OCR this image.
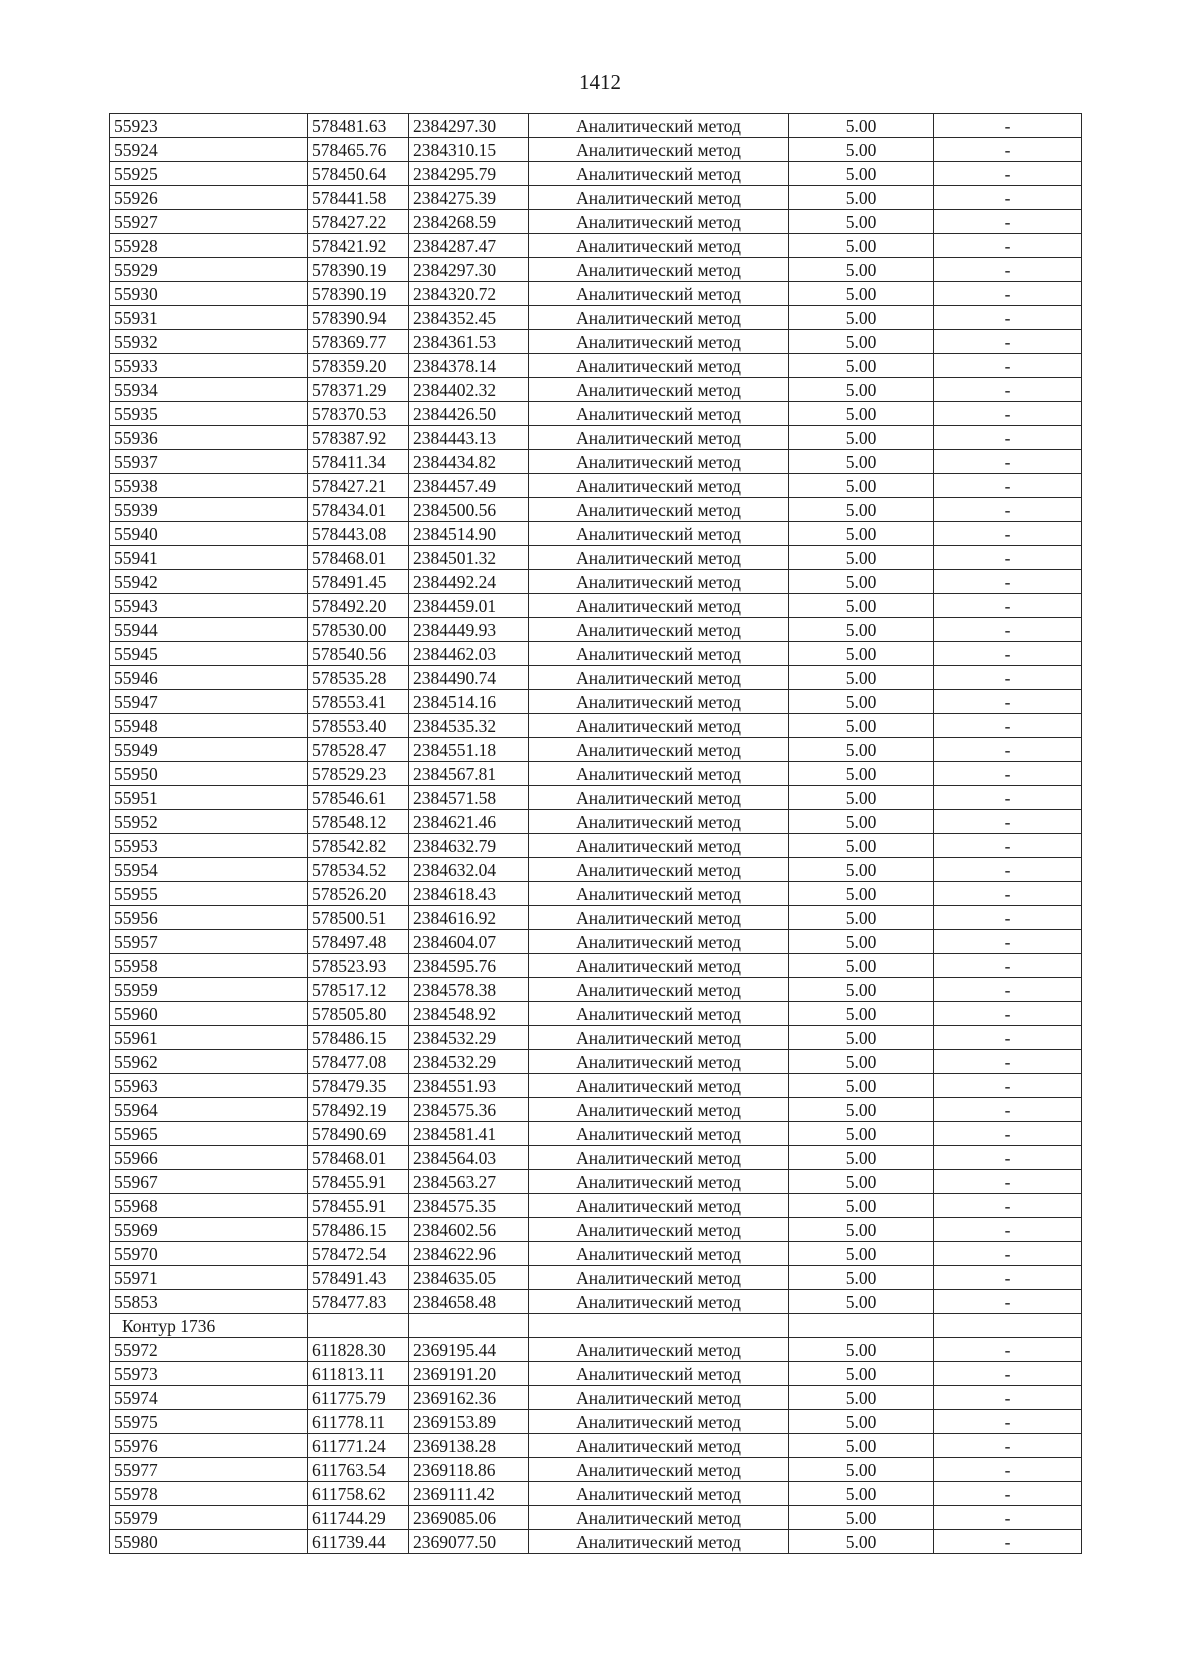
1412
55923	578481.63	2384297.30	Аналитический метод	5.00	-
55924	578465.76	2384310.15	Аналитический метод	5.00	-
55925	578450.64	2384295.79	Аналитический метод	5.00	-
55926	578441.58	2384275.39	Аналитический метод	5.00	-
55927	578427.22	2384268.59	Аналитический метод	5.00	-
55928	578421.92	2384287.47	Аналитический метод	5.00	-
55929	578390.19	2384297.30	Аналитический метод	5.00	-
55930	578390.19	2384320.72	Аналитический метод	5.00	-
55931	578390.94	2384352.45	Аналитический метод	5.00	-
55932	578369.77	2384361.53	Аналитический метод	5.00	-
55933	578359.20	2384378.14	Аналитический метод	5.00	-
55934	578371.29	2384402.32	Аналитический метод	5.00	-
55935	578370.53	2384426.50	Аналитический метод	5.00	-
55936	578387.92	2384443.13	Аналитический метод	5.00	-
55937	578411.34	2384434.82	Аналитический метод	5.00	-
55938	578427.21	2384457.49	Аналитический метод	5.00	-
55939	578434.01	2384500.56	Аналитический метод	5.00	-
55940	578443.08	2384514.90	Аналитический метод	5.00	-
55941	578468.01	2384501.32	Аналитический метод	5.00	-
55942	578491.45	2384492.24	Аналитический метод	5.00	-
55943	578492.20	2384459.01	Аналитический метод	5.00	-
55944	578530.00	2384449.93	Аналитический метод	5.00	-
55945	578540.56	2384462.03	Аналитический метод	5.00	-
55946	578535.28	2384490.74	Аналитический метод	5.00	-
55947	578553.41	2384514.16	Аналитический метод	5.00	-
55948	578553.40	2384535.32	Аналитический метод	5.00	-
55949	578528.47	2384551.18	Аналитический метод	5.00	-
55950	578529.23	2384567.81	Аналитический метод	5.00	-
55951	578546.61	2384571.58	Аналитический метод	5.00	-
55952	578548.12	2384621.46	Аналитический метод	5.00	-
55953	578542.82	2384632.79	Аналитический метод	5.00	-
55954	578534.52	2384632.04	Аналитический метод	5.00	-
55955	578526.20	2384618.43	Аналитический метод	5.00	-
55956	578500.51	2384616.92	Аналитический метод	5.00	-
55957	578497.48	2384604.07	Аналитический метод	5.00	-
55958	578523.93	2384595.76	Аналитический метод	5.00	-
55959	578517.12	2384578.38	Аналитический метод	5.00	-
55960	578505.80	2384548.92	Аналитический метод	5.00	-
55961	578486.15	2384532.29	Аналитический метод	5.00	-
55962	578477.08	2384532.29	Аналитический метод	5.00	-
55963	578479.35	2384551.93	Аналитический метод	5.00	-
55964	578492.19	2384575.36	Аналитический метод	5.00	-
55965	578490.69	2384581.41	Аналитический метод	5.00	-
55966	578468.01	2384564.03	Аналитический метод	5.00	-
55967	578455.91	2384563.27	Аналитический метод	5.00	-
55968	578455.91	2384575.35	Аналитический метод	5.00	-
55969	578486.15	2384602.56	Аналитический метод	5.00	-
55970	578472.54	2384622.96	Аналитический метод	5.00	-
55971	578491.43	2384635.05	Аналитический метод	5.00	-
55853	578477.83	2384658.48	Аналитический метод	5.00	-
Контур 1736					
55972	611828.30	2369195.44	Аналитический метод	5.00	-
55973	611813.11	2369191.20	Аналитический метод	5.00	-
55974	611775.79	2369162.36	Аналитический метод	5.00	-
55975	611778.11	2369153.89	Аналитический метод	5.00	-
55976	611771.24	2369138.28	Аналитический метод	5.00	-
55977	611763.54	2369118.86	Аналитический метод	5.00	-
55978	611758.62	2369111.42	Аналитический метод	5.00	-
55979	611744.29	2369085.06	Аналитический метод	5.00	-
55980	611739.44	2369077.50	Аналитический метод	5.00	-
